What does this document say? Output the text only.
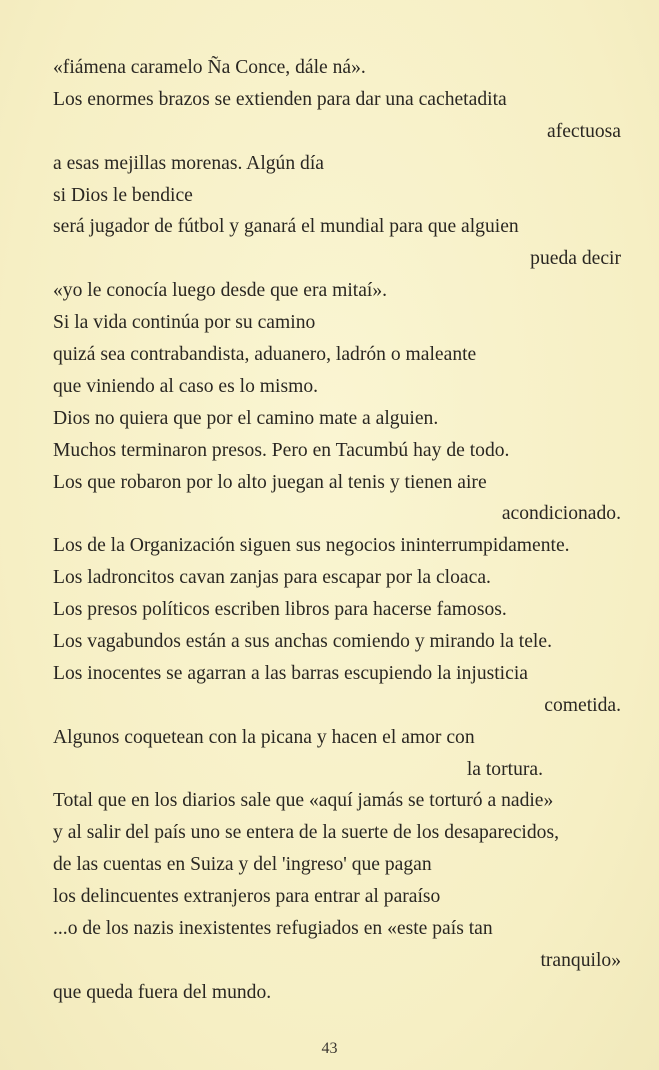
«fiámena caramelo Ña Conce, dále ná».
Los enormes brazos se extienden para dar una cachetadita
afectuosa
a esas mejillas morenas. Algún día
si Dios le bendice
será jugador de fútbol y ganará el mundial para que alguien
pueda decir
«yo le conocía luego desde que era mitaí».
Si la vida continúa por su camino
quizá sea contrabandista, aduanero, ladrón o maleante
que viniendo al caso es lo mismo.
Dios no quiera que por el camino mate a alguien.
Muchos terminaron presos. Pero en Tacumbú hay de todo.
Los que robaron por lo alto juegan al tenis y tienen aire
acondicionado.
Los de la Organización siguen sus negocios ininterrumpidamente.
Los ladroncitos cavan zanjas para escapar por la cloaca.
Los presos políticos escriben libros para hacerse famosos.
Los vagabundos están a sus anchas comiendo y mirando la tele.
Los inocentes se agarran a las barras escupiendo la injusticia
cometida.
Algunos coquetean con la picana y hacen el amor con
la tortura.
Total que en los diarios sale que «aquí jamás se torturó a nadie»
y al salir del país uno se entera de la suerte de los desaparecidos,
de las cuentas en Suiza y del 'ingreso' que pagan
los delincuentes extranjeros para entrar al paraíso
...o de los nazis inexistentes refugiados en «este país tan
tranquilo»
que queda fuera del mundo.
43
